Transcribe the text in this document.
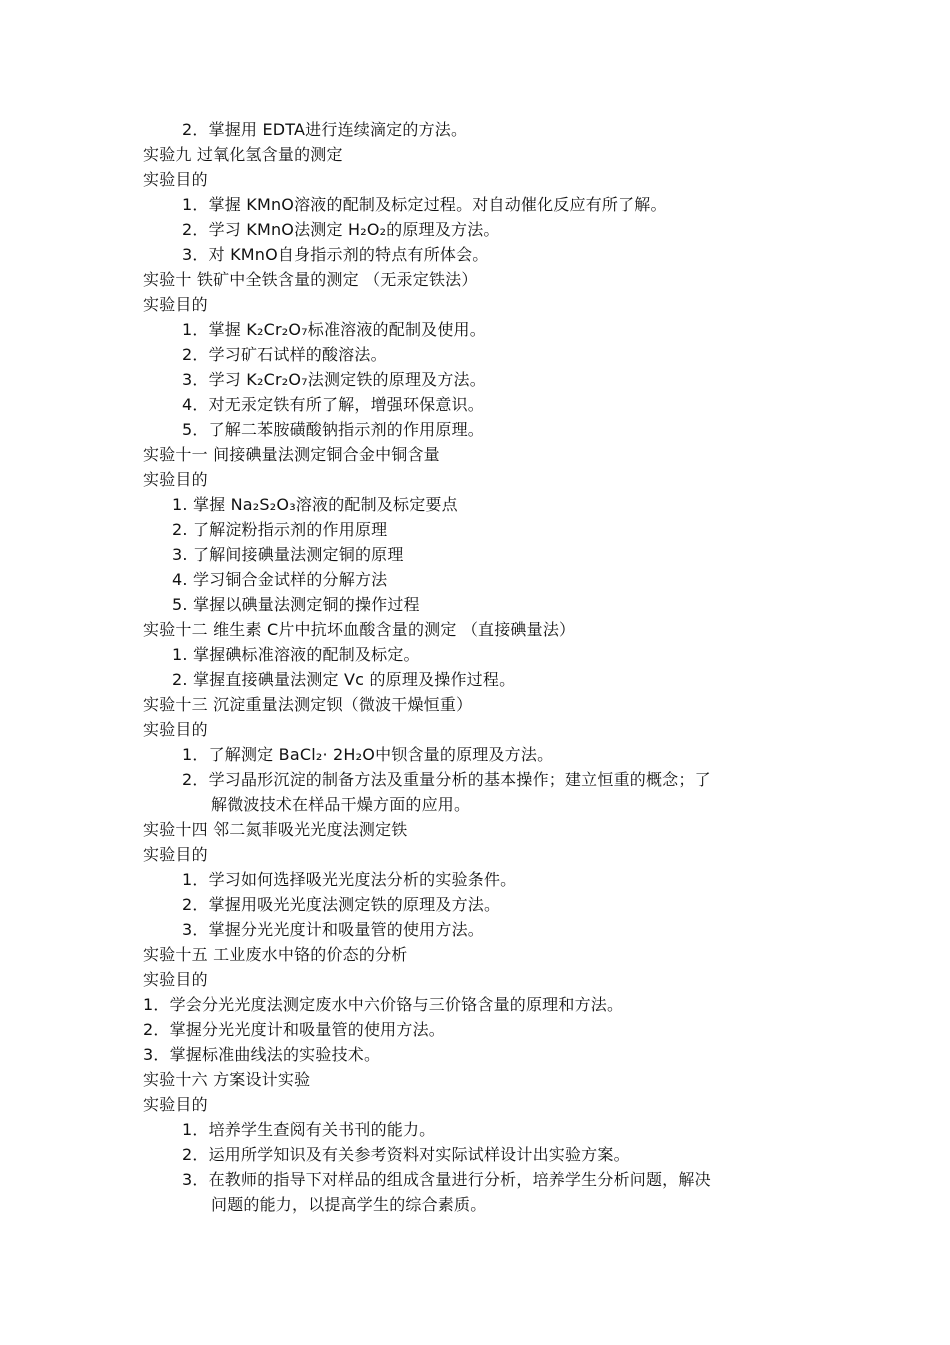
2．掌握用 EDTA进行连续滴定的方法。
实验九 过氧化氢含量的测定
实验目的
1．掌握 KMnO溶液的配制及标定过程。对自动催化反应有所了解。
2．学习 KMnO法测定 H₂O₂的原理及方法。
3．对 KMnO自身指示剂的特点有所体会。
实验十 铁矿中全铁含量的测定 （无汞定铁法）
实验目的
1．掌握 K₂Cr₂O₇标准溶液的配制及使用。
2．学习矿石试样的酸溶法。
3．学习 K₂Cr₂O₇法测定铁的原理及方法。
4．对无汞定铁有所了解，增强环保意识。
5．了解二苯胺磺酸钠指示剂的作用原理。
实验十一 间接碘量法测定铜合金中铜含量
实验目的
1. 掌握 Na₂S₂O₃溶液的配制及标定要点
2. 了解淀粉指示剂的作用原理
3. 了解间接碘量法测定铜的原理
4. 学习铜合金试样的分解方法
5. 掌握以碘量法测定铜的操作过程
实验十二 维生素 C片中抗坏血酸含量的测定 （直接碘量法）
1. 掌握碘标准溶液的配制及标定。
2. 掌握直接碘量法测定 Vc 的原理及操作过程。
实验十三 沉淀重量法测定钡（微波干燥恒重）
实验目的
1．了解测定 BaCl₂· 2H₂O中钡含量的原理及方法。
2．学习晶形沉淀的制备方法及重量分析的基本操作；建立恒重的概念；了
解微波技术在样品干燥方面的应用。
实验十四 邻二氮菲吸光光度法测定铁
实验目的
1．学习如何选择吸光光度法分析的实验条件。
2．掌握用吸光光度法测定铁的原理及方法。
3．掌握分光光度计和吸量管的使用方法。
实验十五 工业废水中铬的价态的分析
实验目的
1．学会分光光度法测定废水中六价铬与三价铬含量的原理和方法。
2．掌握分光光度计和吸量管的使用方法。
3．掌握标准曲线法的实验技术。
实验十六 方案设计实验
实验目的
1．培养学生查阅有关书刊的能力。
2．运用所学知识及有关参考资料对实际试样设计出实验方案。
3．在教师的指导下对样品的组成含量进行分析，培养学生分析问题，解决
问题的能力，以提高学生的综合素质。
